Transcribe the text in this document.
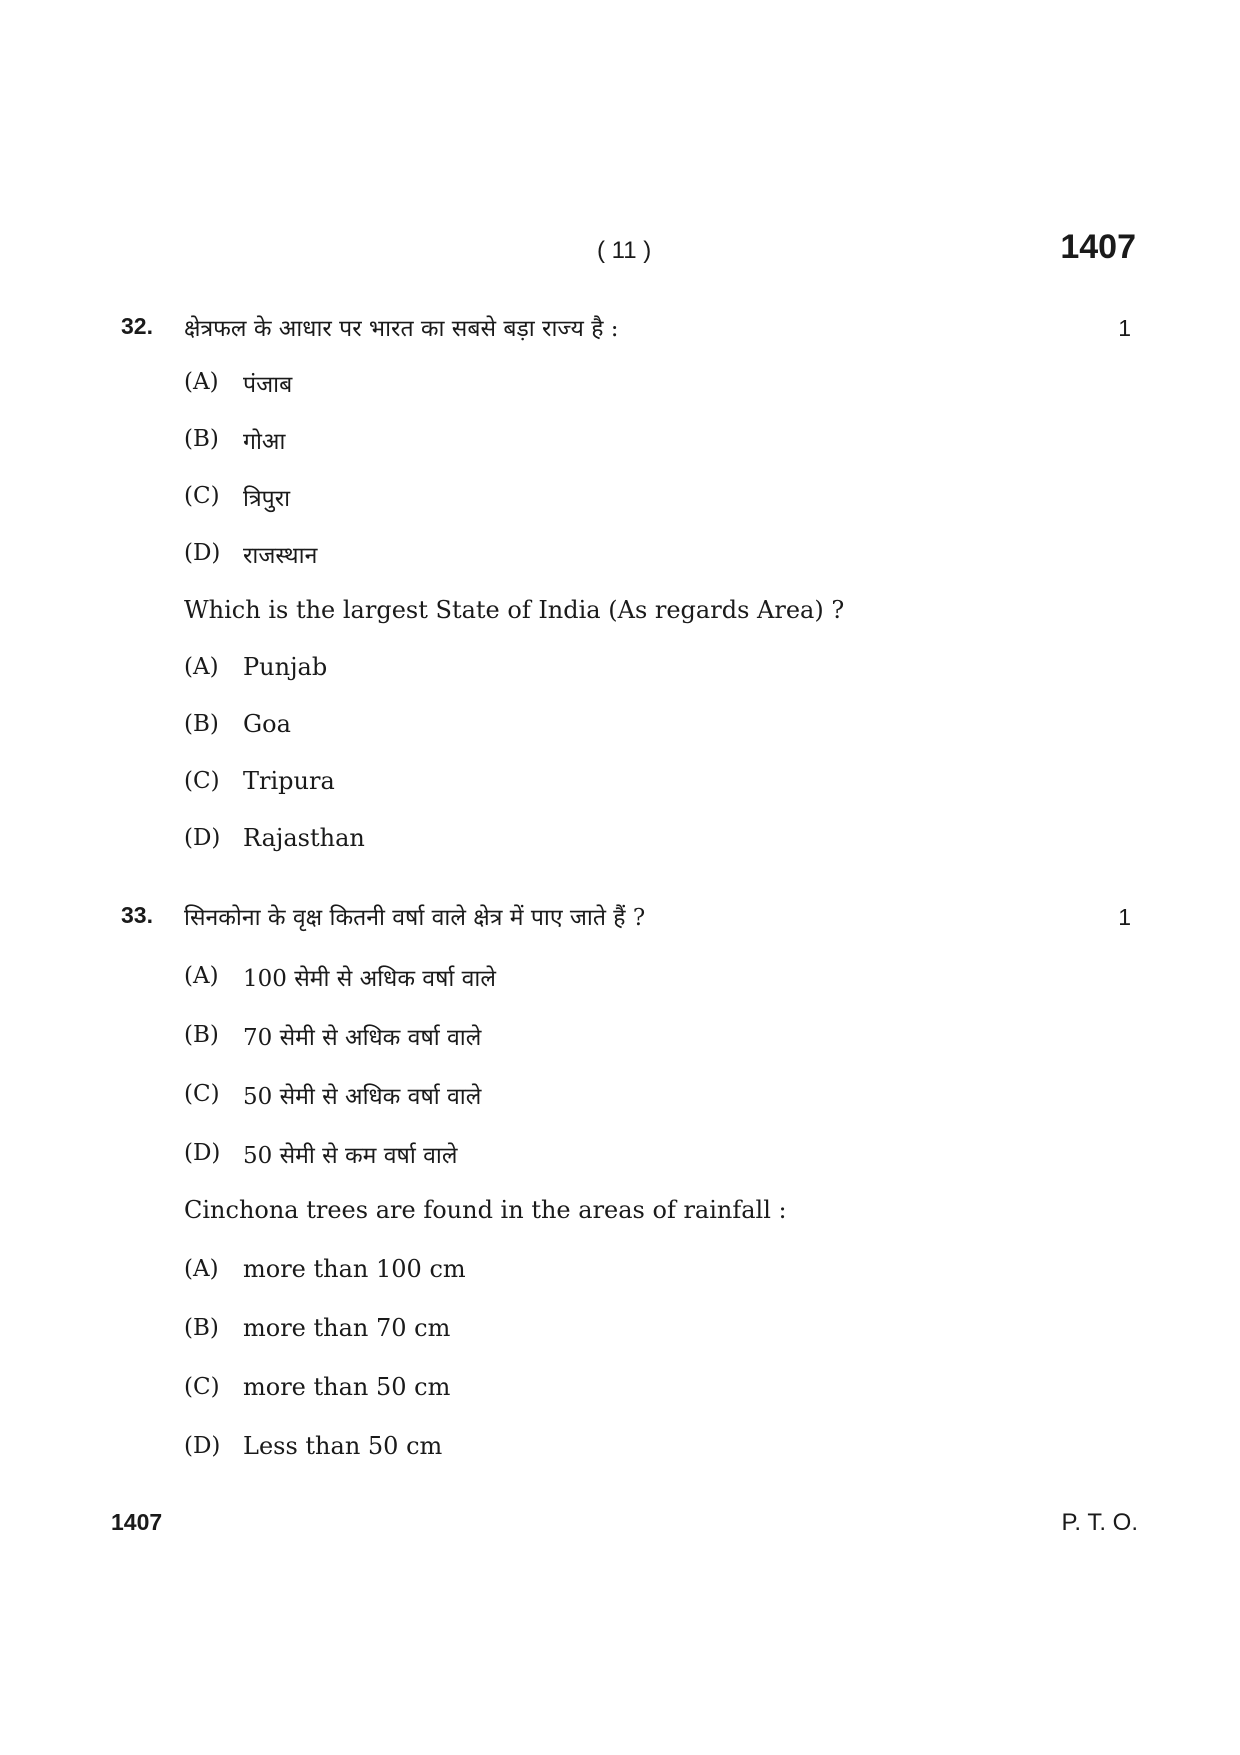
( 11 )	1407
32. क्षेत्रफल के आधार पर भारत का सबसे बड़ा राज्य है :	1
(A) पंजाब
(B) गोआ
(C) त्रिपुरा
(D) राजस्थान
Which is the largest State of India (As regards Area) ?
(A) Punjab
(B) Goa
(C) Tripura
(D) Rajasthan
33. सिनकोना के वृक्ष कितनी वर्षा वाले क्षेत्र में पाए जाते हैं ?	1
(A) 100 सेमी से अधिक वर्षा वाले
(B) 70 सेमी से अधिक वर्षा वाले
(C) 50 सेमी से अधिक वर्षा वाले
(D) 50 सेमी से कम वर्षा वाले
Cinchona trees are found in the areas of rainfall :
(A) more than 100 cm
(B) more than 70 cm
(C) more than 50 cm
(D) Less than 50 cm
1407	P. T. O.
